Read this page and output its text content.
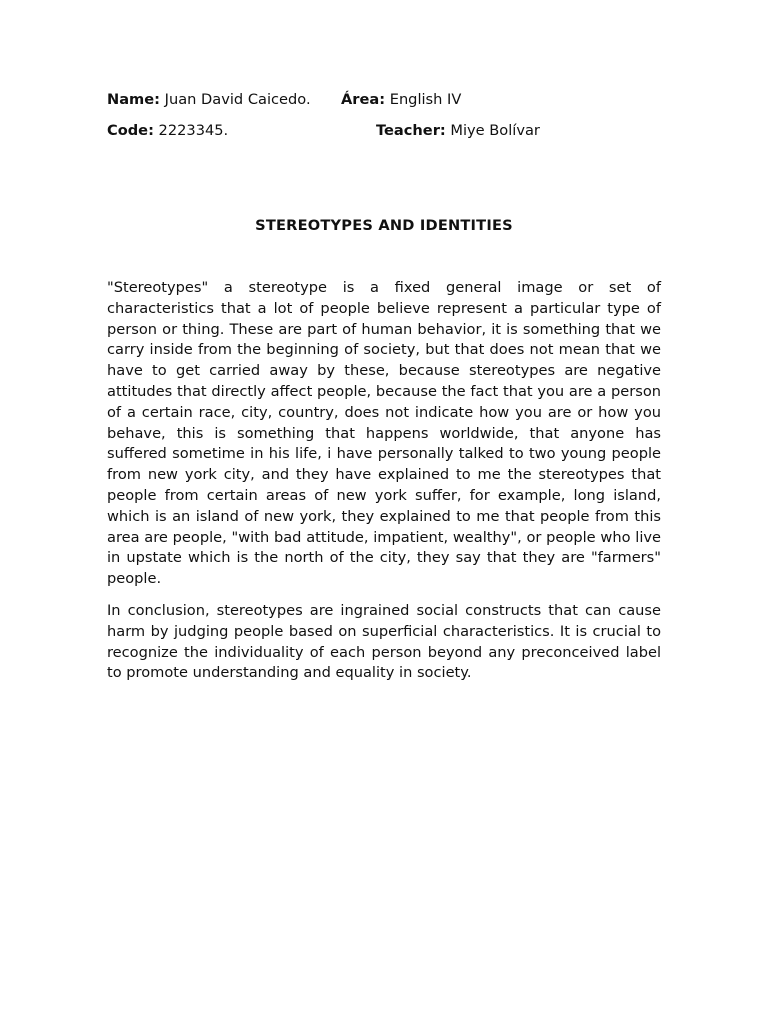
Name: Juan David Caicedo. Área: English IV
Code: 2223345.	Teacher: Miye Bolívar
STEREOTYPES AND IDENTITIES

"Stereotypes" a stereotype is a fixed general image or set of characteristics that a lot of people believe represent a particular type of person or thing. These are part of human behavior, it is something that we carry inside from the beginning of society, but that does not mean that we have to get carried away by these, because stereotypes are negative attitudes that directly affect people, because the fact that you are a person of a certain race, city, country, does not indicate how you are or how you behave, this is something that happens worldwide, that anyone has suffered sometime in his life, i have personally talked to two young people from new york city, and they have explained to me the stereotypes that people from certain areas of new york suffer, for example, long island, which is an island of new york, they explained to me that people from this area are people, "with bad attitude, impatient, wealthy", or people who live in upstate which is the north of the city, they say that they are "farmers" people.

In conclusion, stereotypes are ingrained social constructs that can cause harm by judging people based on superficial characteristics. It is crucial to recognize the individuality of each person beyond any preconceived label to promote understanding and equality in society.
